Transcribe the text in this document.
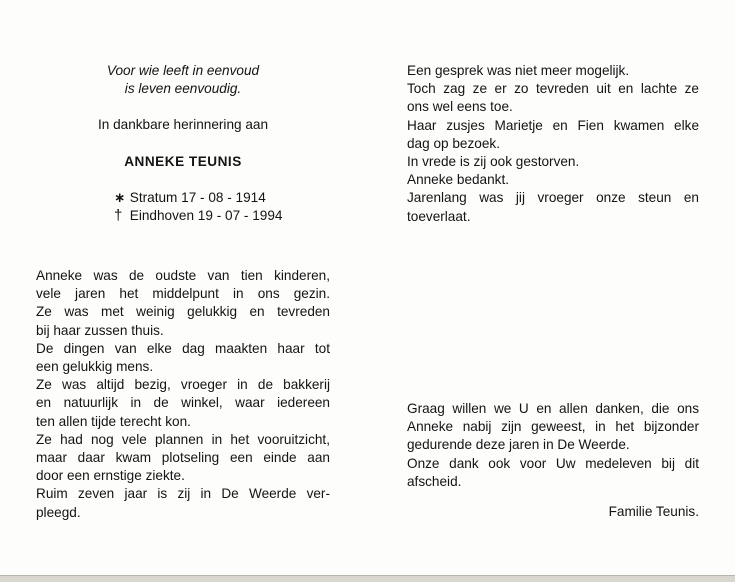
Voor wie leeft in eenvoud
is leven eenvoudig.
In dankbare herinnering aan
ANNEKE TEUNIS
∗ Stratum 17 - 08 - 1914
† Eindhoven 19 - 07 - 1994
Anneke was de oudste van tien kinderen,
vele jaren het middelpunt in ons gezin.
Ze was met weinig gelukkig en tevreden
bij haar zussen thuis.
De dingen van elke dag maakten haar tot
een gelukkig mens.
Ze was altijd bezig, vroeger in de bakkerij
en natuurlijk in de winkel, waar iedereen
ten allen tijde terecht kon.
Ze had nog vele plannen in het vooruitzicht,
maar daar kwam plotseling een einde aan
door een ernstige ziekte.
Ruim zeven jaar is zij in De Weerde ver-
pleegd.
Een gesprek was niet meer mogelijk.
Toch zag ze er zo tevreden uit en lachte ze
ons wel eens toe.
Haar zusjes Marietje en Fien kwamen elke
dag op bezoek.
In vrede is zij ook gestorven.
Anneke bedankt.
Jarenlang was jij vroeger onze steun en
toeverlaat.
Graag willen we U en allen danken, die ons
Anneke nabij zijn geweest, in het bijzonder
gedurende deze jaren in De Weerde.
Onze dank ook voor Uw medeleven bij dit
afscheid.
Familie Teunis.
